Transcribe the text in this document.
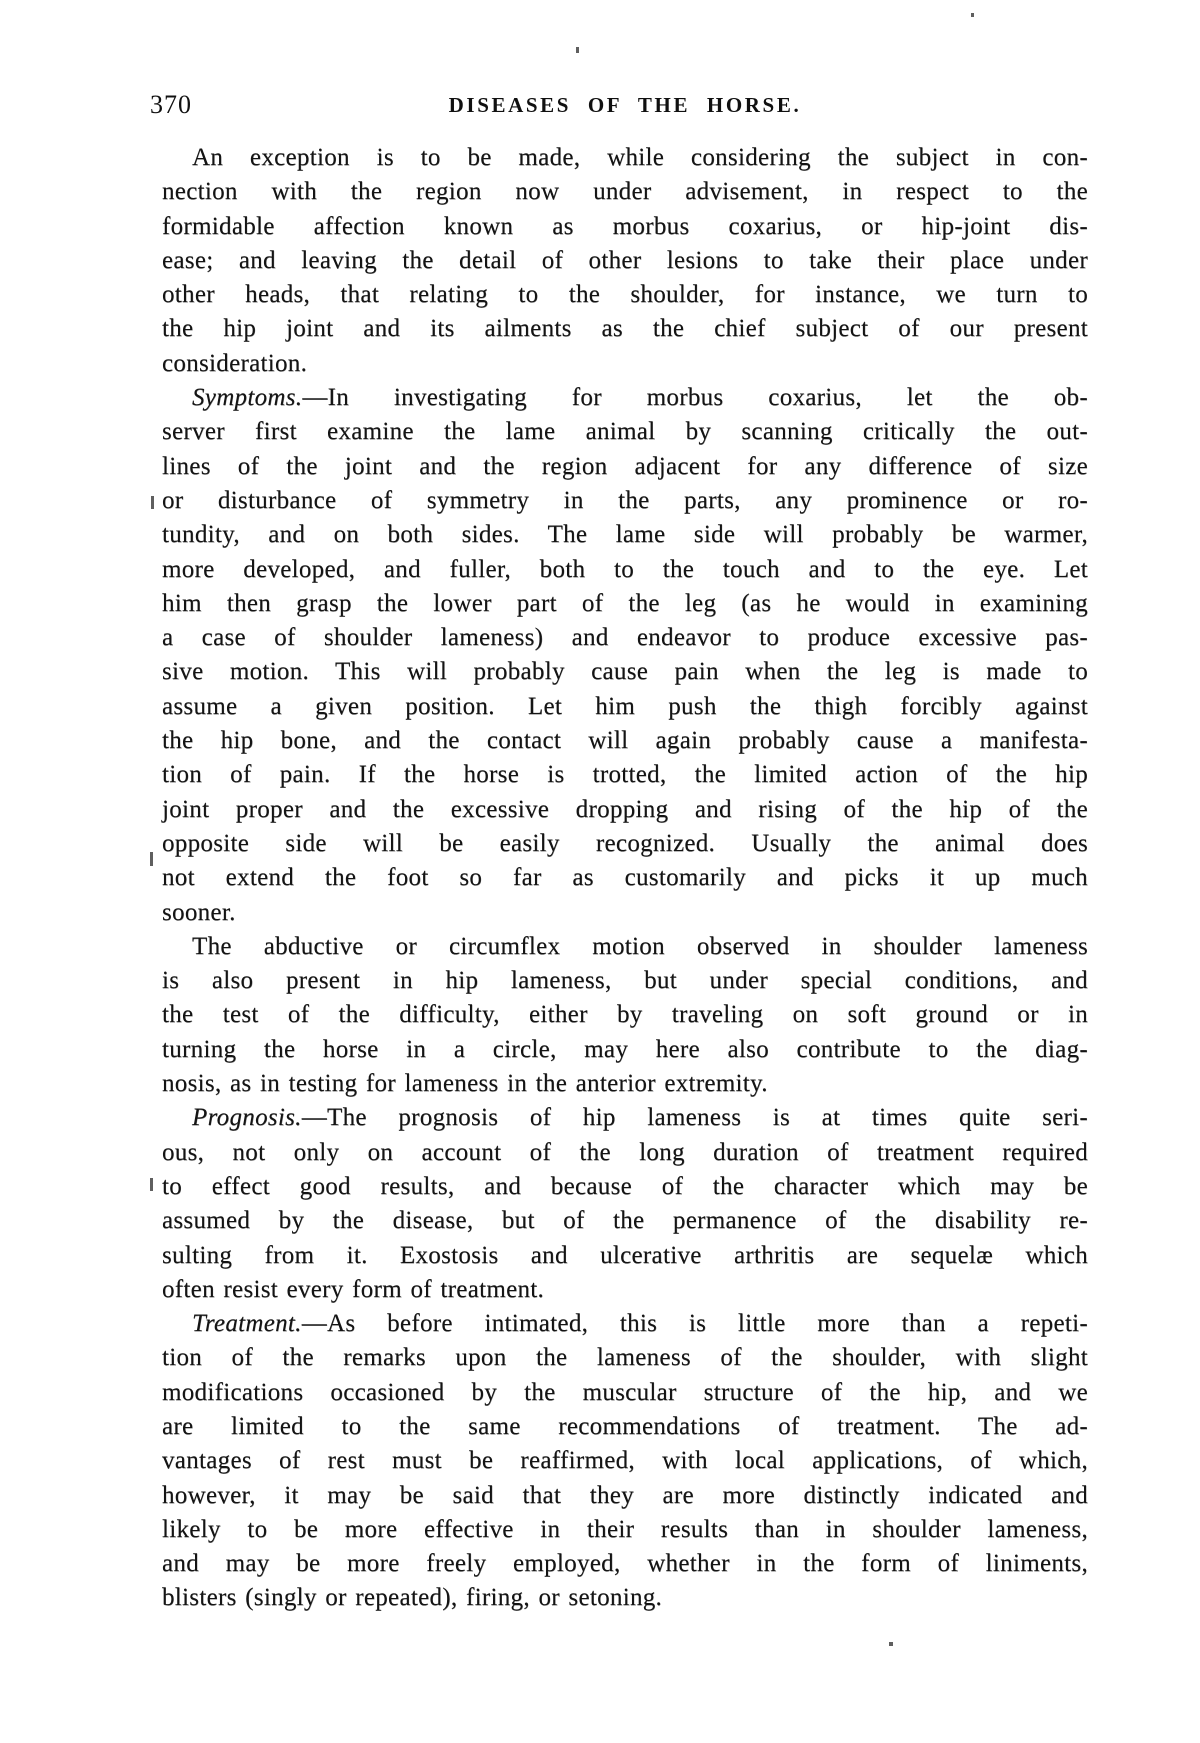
370	DISEASES OF THE HORSE.
An exception is to be made, while considering the subject in con-
nection with the region now under advisement, in respect to the
formidable affection known as morbus coxarius, or hip-joint dis-
ease; and leaving the detail of other lesions to take their place under
other heads, that relating to the shoulder, for instance, we turn to
the hip joint and its ailments as the chief subject of our present
consideration.
Symptoms.—In investigating for morbus coxarius, let the ob-
server first examine the lame animal by scanning critically the out-
lines of the joint and the region adjacent for any difference of size
or disturbance of symmetry in the parts, any prominence or ro-
tundity, and on both sides. The lame side will probably be warmer,
more developed, and fuller, both to the touch and to the eye. Let
him then grasp the lower part of the leg (as he would in examining
a case of shoulder lameness) and endeavor to produce excessive pas-
sive motion. This will probably cause pain when the leg is made to
assume a given position. Let him push the thigh forcibly against
the hip bone, and the contact will again probably cause a manifesta-
tion of pain. If the horse is trotted, the limited action of the hip
joint proper and the excessive dropping and rising of the hip of the
opposite side will be easily recognized. Usually the animal does
not extend the foot so far as customarily and picks it up much
sooner.
The abductive or circumflex motion observed in shoulder lameness
is also present in hip lameness, but under special conditions, and
the test of the difficulty, either by traveling on soft ground or in
turning the horse in a circle, may here also contribute to the diag-
nosis, as in testing for lameness in the anterior extremity.
Prognosis.—The prognosis of hip lameness is at times quite seri-
ous, not only on account of the long duration of treatment required
to effect good results, and because of the character which may be
assumed by the disease, but of the permanence of the disability re-
sulting from it. Exostosis and ulcerative arthritis are sequelæ which
often resist every form of treatment.
Treatment.—As before intimated, this is little more than a repeti-
tion of the remarks upon the lameness of the shoulder, with slight
modifications occasioned by the muscular structure of the hip, and we
are limited to the same recommendations of treatment. The ad-
vantages of rest must be reaffirmed, with local applications, of which,
however, it may be said that they are more distinctly indicated and
likely to be more effective in their results than in shoulder lameness,
and may be more freely employed, whether in the form of liniments,
blisters (singly or repeated), firing, or setoning.
